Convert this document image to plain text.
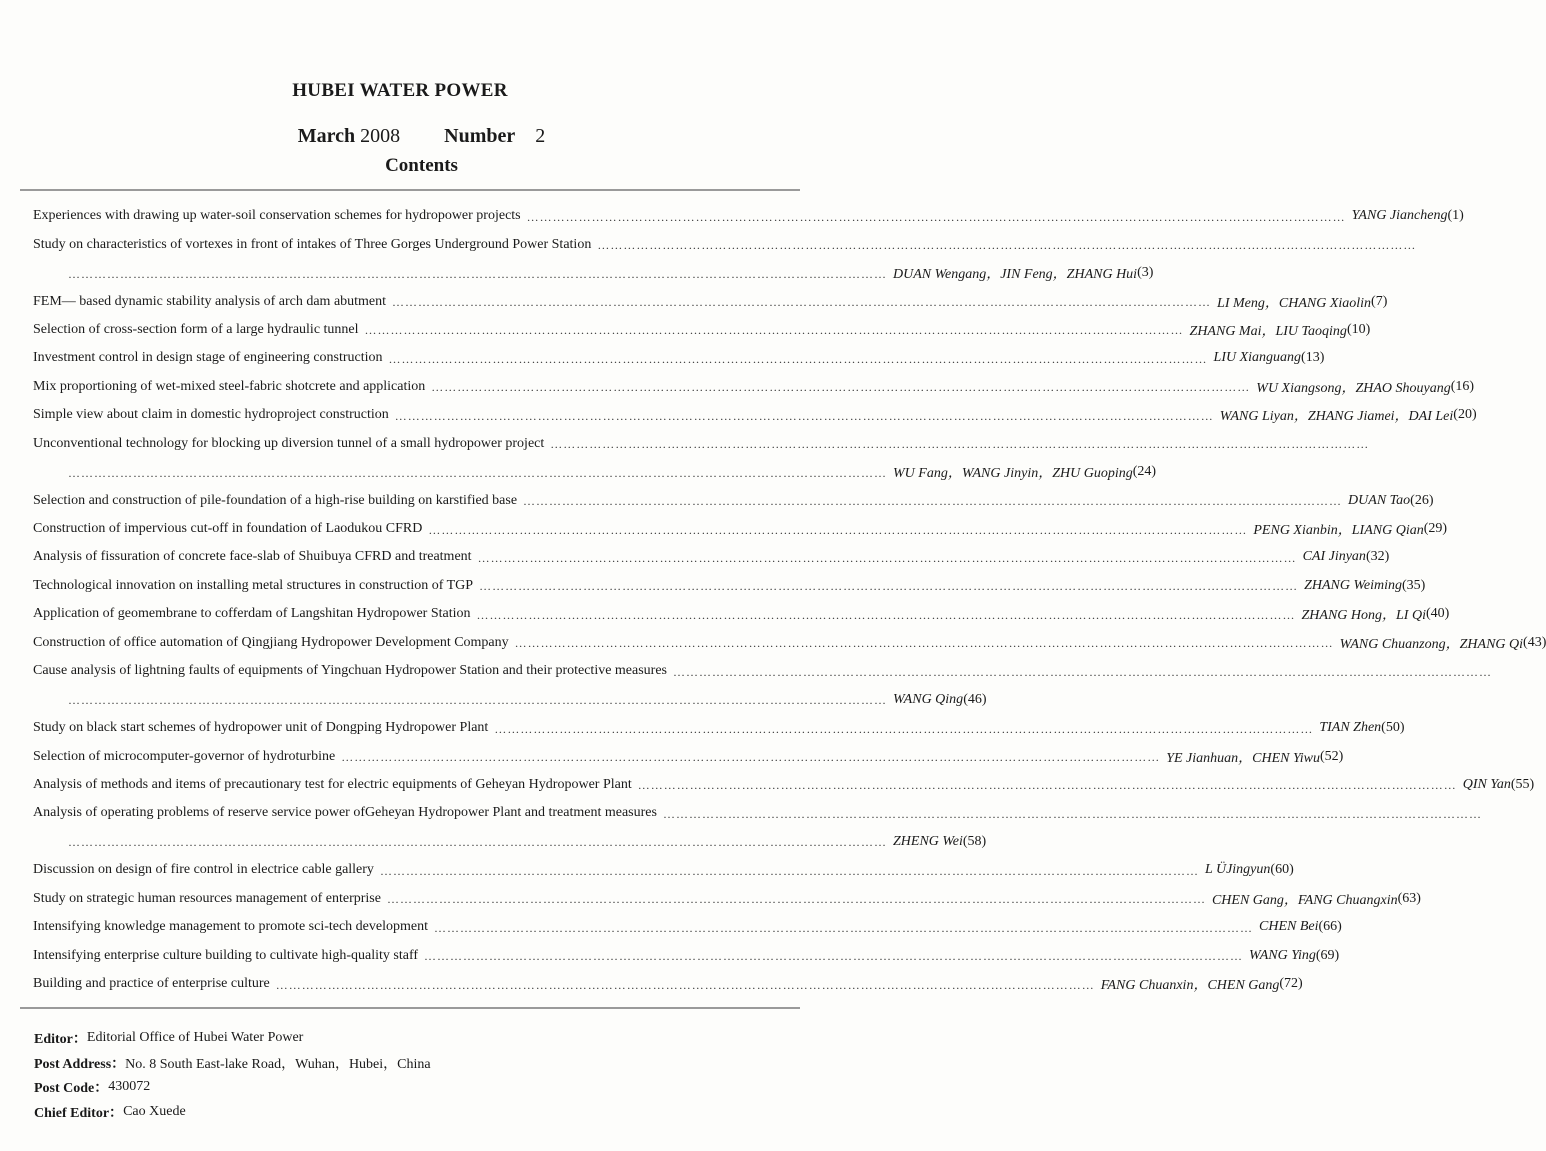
HUBEI WATER POWER
March 2008 Number 2
Contents
Experiences with drawing up water-soil conservation schemes for hydropower projects ……………………………………………………………………………………………………………………………………………………………………… YANG Jiancheng (1)
Study on characteristics of vortexes in front of intakes of Three Gorges Underground Power Station ………………………………………………………………………………………………………………………………………………………………………
……………………………………………………………………………………………………………………………………………………………………… DUAN Wengang，JIN Feng，ZHANG Hui (3)
FEM— based dynamic stability analysis of arch dam abutment ……………………………………………………………………………………………………………………………………………………………………… LI Meng，CHANG Xiaolin (7)
Selection of cross-section form of a large hydraulic tunnel ……………………………………………………………………………………………………………………………………………………………………… ZHANG Mai，LIU Taoqing (10)
Investment control in design stage of engineering construction ……………………………………………………………………………………………………………………………………………………………………… LIU Xianguang (13)
Mix proportioning of wet-mixed steel-fabric shotcrete and application ……………………………………………………………………………………………………………………………………………………………………… WU Xiangsong，ZHAO Shouyang (16)
Simple view about claim in domestic hydroproject construction ……………………………………………………………………………………………………………………………………………………………………… WANG Liyan，ZHANG Jiamei，DAI Lei (20)
Unconventional technology for blocking up diversion tunnel of a small hydropower project ………………………………………………………………………………………………………………………………………………………………………
……………………………………………………………………………………………………………………………………………………………………… WU Fang，WANG Jinyin，ZHU Guoping (24)
Selection and construction of pile-foundation of a high-rise building on karstified base ……………………………………………………………………………………………………………………………………………………………………… DUAN Tao (26)
Construction of impervious cut-off in foundation of Laodukou CFRD ……………………………………………………………………………………………………………………………………………………………………… PENG Xianbin，LIANG Qian (29)
Analysis of fissuration of concrete face-slab of Shuibuya CFRD and treatment ……………………………………………………………………………………………………………………………………………………………………… CAI Jinyan (32)
Technological innovation on installing metal structures in construction of TGP ……………………………………………………………………………………………………………………………………………………………………… ZHANG Weiming (35)
Application of geomembrane to cofferdam of Langshitan Hydropower Station ……………………………………………………………………………………………………………………………………………………………………… ZHANG Hong，LI Qi (40)
Construction of office automation of Qingjiang Hydropower Development Company ……………………………………………………………………………………………………………………………………………………………………… WANG Chuanzong，ZHANG Qi (43)
Cause analysis of lightning faults of equipments of Yingchuan Hydropower Station and their protective measures ………………………………………………………………………………………………………………………………………………………………………
……………………………………………………………………………………………………………………………………………………………………… WANG Qing (46)
Study on black start schemes of hydropower unit of Dongping Hydropower Plant ……………………………………………………………………………………………………………………………………………………………………… TIAN Zhen (50)
Selection of microcomputer-governor of hydroturbine ……………………………………………………………………………………………………………………………………………………………………… YE Jianhuan，CHEN Yiwu (52)
Analysis of methods and items of precautionary test for electric equipments of Geheyan Hydropower Plant ……………………………………………………………………………………………………………………………………………………………………… QIN Yan (55)
Analysis of operating problems of reserve service power ofGeheyan Hydropower Plant and treatment measures ………………………………………………………………………………………………………………………………………………………………………
……………………………………………………………………………………………………………………………………………………………………… ZHENG Wei (58)
Discussion on design of fire control in electrice cable gallery ……………………………………………………………………………………………………………………………………………………………………… L ÜJingyun (60)
Study on strategic human resources management of enterprise ……………………………………………………………………………………………………………………………………………………………………… CHEN Gang，FANG Chuangxin (63)
Intensifying knowledge management to promote sci-tech development ……………………………………………………………………………………………………………………………………………………………………… CHEN Bei (66)
Intensifying enterprise culture building to cultivate high-quality staff ……………………………………………………………………………………………………………………………………………………………………… WANG Ying (69)
Building and practice of enterprise culture ……………………………………………………………………………………………………………………………………………………………………… FANG Chuanxin，CHEN Gang (72)
Editor： Editorial Office of Hubei Water Power
Post Address： No. 8 South East-lake Road，Wuhan，Hubei，China
Post Code： 430072
Chief Editor： Cao Xuede
